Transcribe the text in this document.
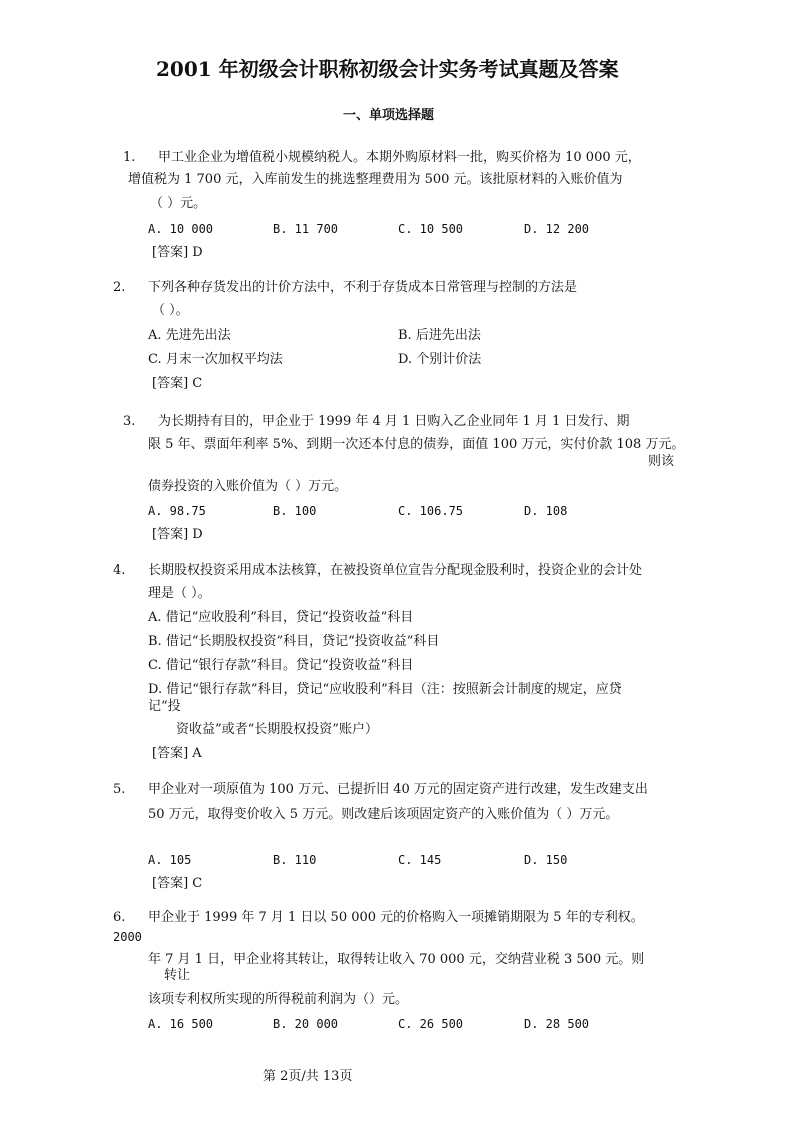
2001 年初级会计职称初级会计实务考试真题及答案
一、单项选择题
1. 甲工业企业为增值税小规模纳税人。本期外购原材料一批，购买价格为 10 000 元，
增值税为 1 700 元，入库前发生的挑选整理费用为 500 元。该批原材料的入账价值为
（ ）元。
A. 10 000	B. 11 700	C. 10 500	D. 12 200
[答案] D
2. 下列各种存货发出的计价方法中，不利于存货成本日常管理与控制的方法是
（ ）。
A. 先进先出法	B. 后进先出法
C. 月末一次加权平均法	D. 个别计价法
[答案] C
3. 为长期持有目的，甲企业于 1999 年 4 月 1 日购入乙企业同年 1 月 1 日发行、期
限 5 年、票面年利率 5%、到期一次还本付息的债券，面值 100 万元，实付价款 108 万元。
则该
债券投资的入账价值为（ ）万元。
A. 98.75	B. 100	C. 106.75	D. 108
[答案] D
4. 长期股权投资采用成本法核算，在被投资单位宣告分配现金股利时，投资企业的会计处
理是（ ）。
A. 借记“应收股利”科目，贷记“投资收益”科目
B. 借记“长期股权投资”科目，贷记“投资收益”科目
C. 借记“银行存款”科目。贷记“投资收益”科目
D. 借记“银行存款”科目，贷记“应收股利”科目（注：按照新会计制度的规定，应贷
记“投
资收益”或者“长期股权投资”账户）
[答案] A
5. 甲企业对一项原值为 100 万元、已提折旧 40 万元的固定资产进行改建，发生改建支出
50 万元，取得变价收入 5 万元。则改建后该项固定资产的入账价值为（ ）万元。
A. 105	B. 110	C. 145	D. 150
[答案] C
6. 甲企业于 1999 年 7 月 1 日以 50 000 元的价格购入一项摊销期限为 5 年的专利权。
2000
年 7 月 1 日，甲企业将其转让，取得转让收入 70 000 元，交纳营业税 3 500 元。则
转让
该项专利权所实现的所得税前利润为（）元。
A. 16 500	B. 20 000	C. 26 500	D. 28 500
第 2页/共 13页
